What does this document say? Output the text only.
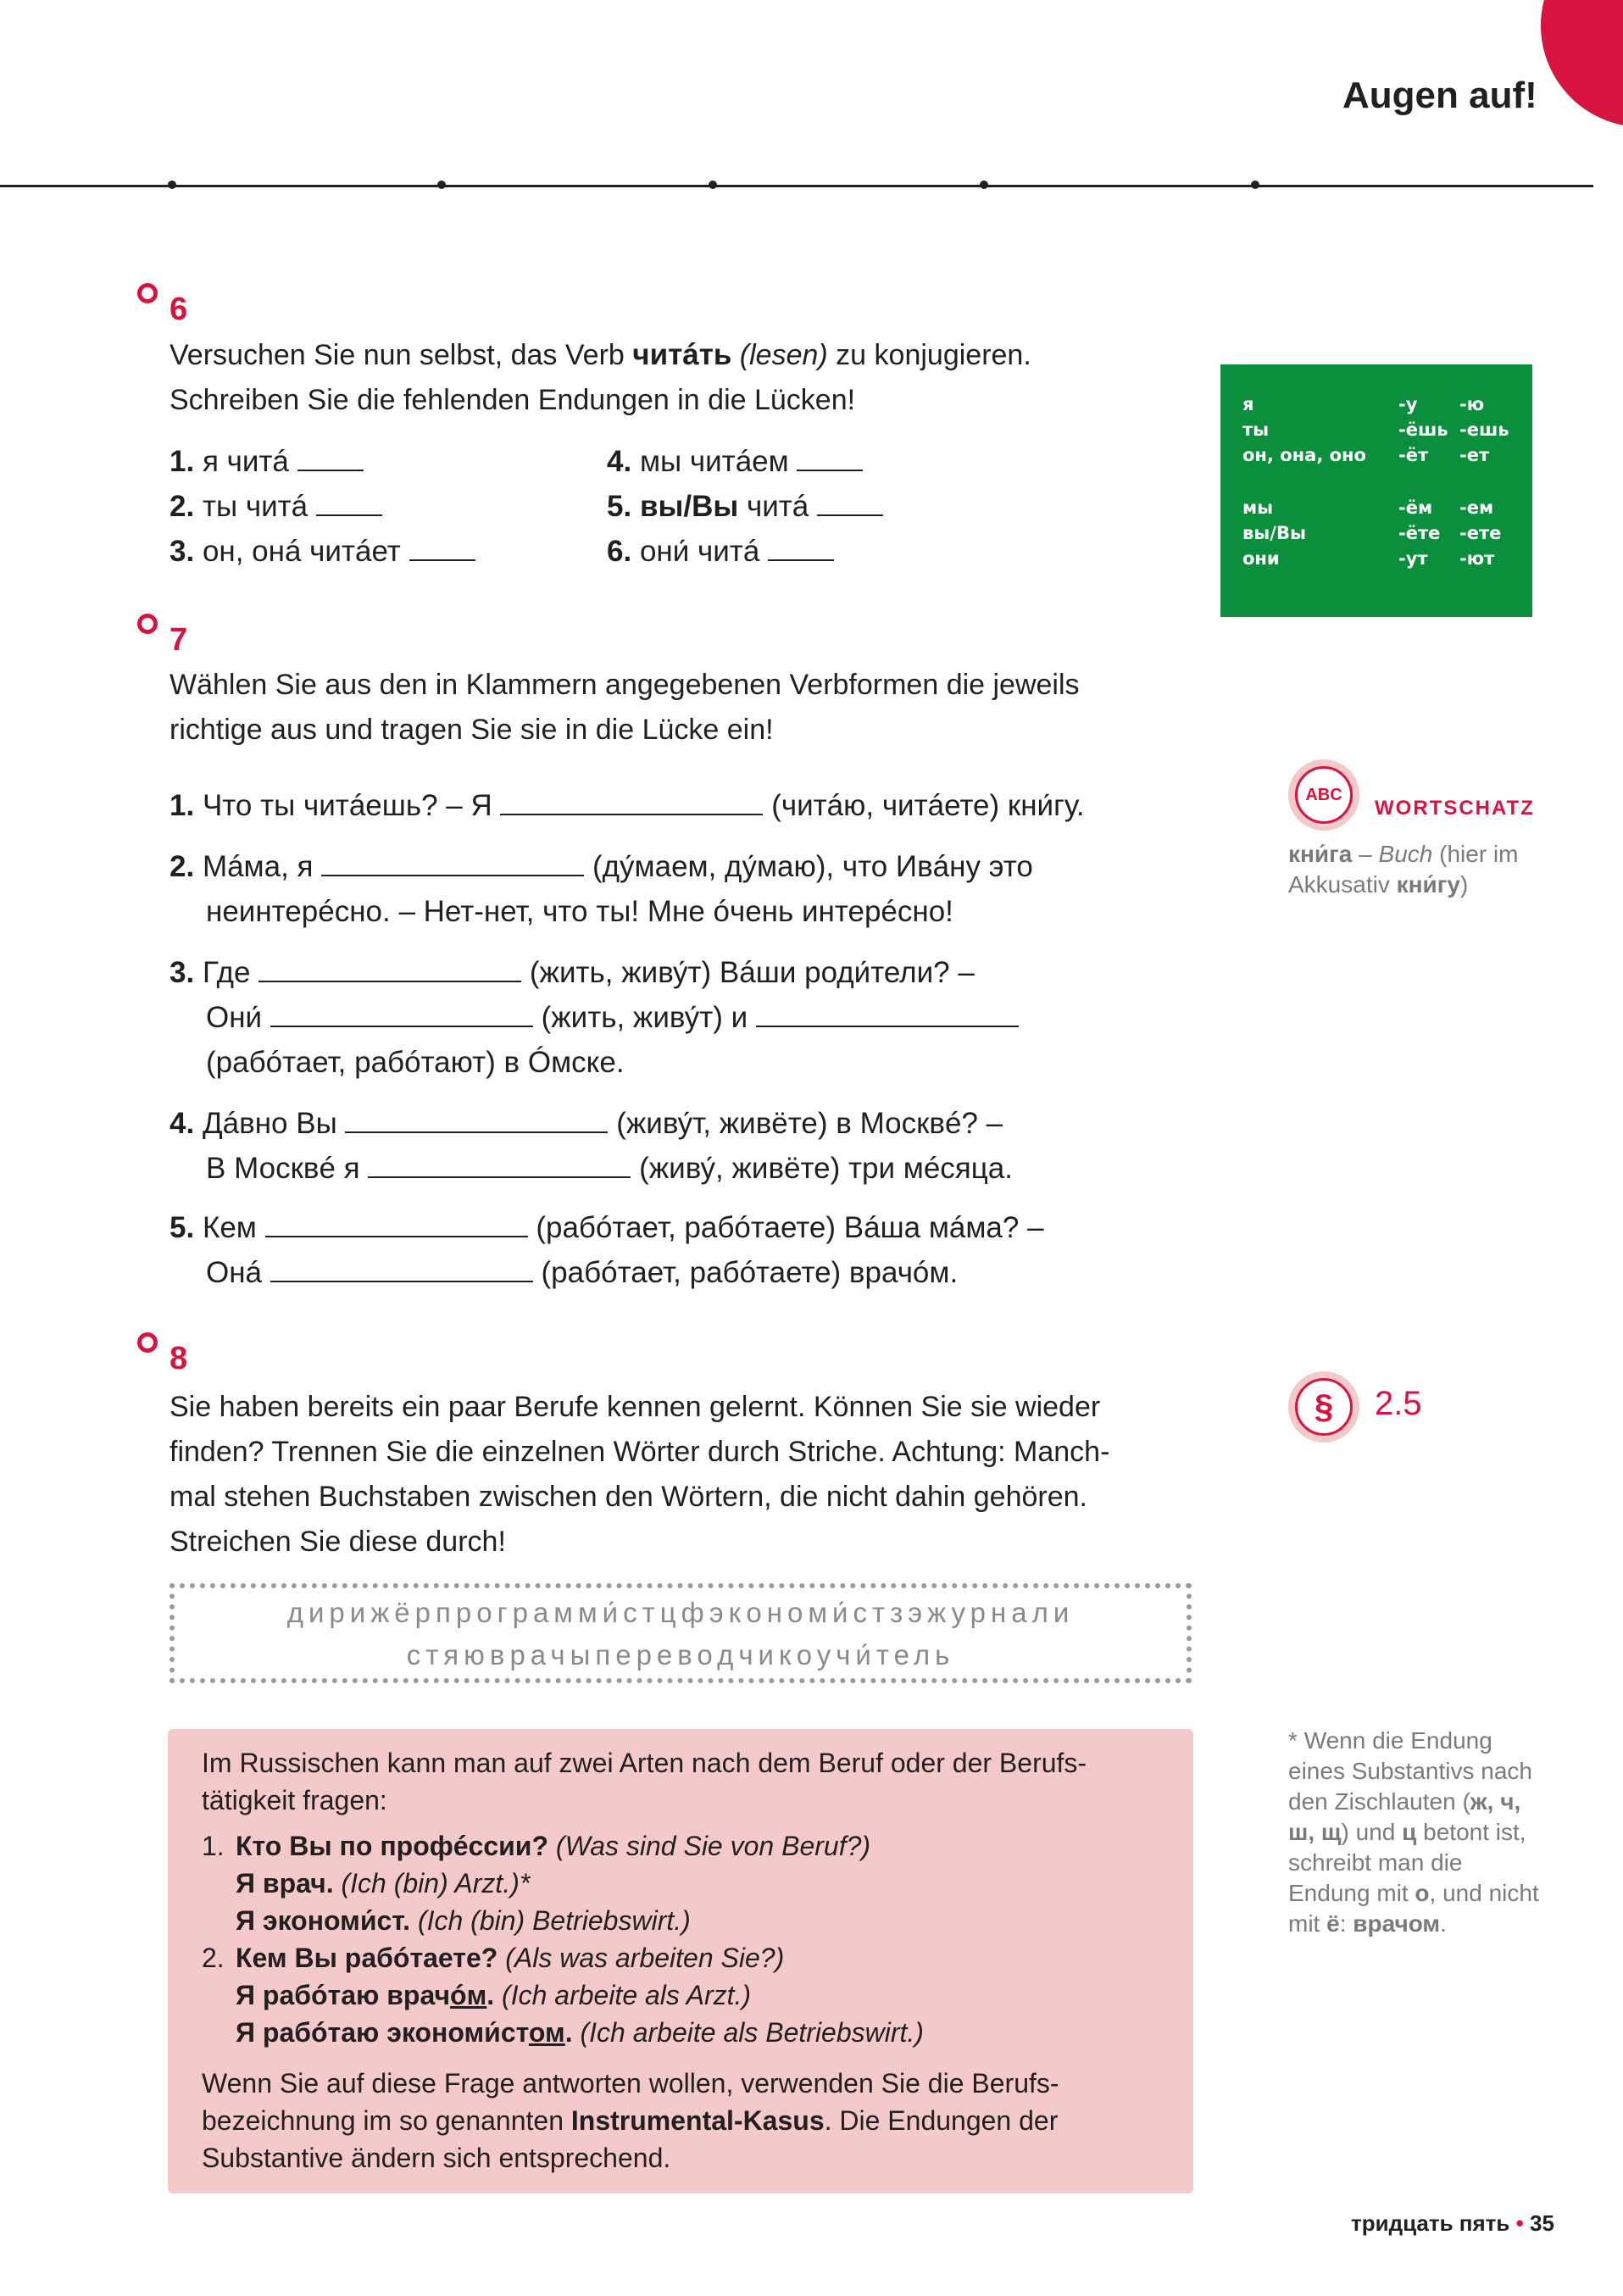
Augen auf!
6
Versuchen Sie nun selbst, das Verb читáть (lesen) zu konjugieren.
Schreiben Sie die fehlenden Endungen in die Lücken!
1. я читá
2. ты читá
3. он, онá читáет
4. мы читáем
5. вы/Вы читá
6. они́ читá
я	-у -ю
ты	-ёшь -ешь
он, она, оно -ёт -ет
мы	-ём -ем
вы/Вы	-ёте -ете
они	-ут -ют
7
Wählen Sie aus den in Klammern angegebenen Verbformen die jeweils
richtige aus und tragen Sie sie in die Lücke ein!
1. Что ты читáешь? – Я	(читáю, читáете) кни́гу.
2. Мáма, я	(ду́маем, ду́маю), что Ивáну это
неинтерéсно. – Нет-нет, что ты! Мне óчень интерéсно!
3. Где	(жить, живу́т) Вáши роди́тели? –
Они́	(жить, живу́т) и
(рабóтает, рабóтают) в Óмске.
4. Дáвно Вы	(живу́т, живёте) в Москвé? –
В Москвé я	(живу́, живёте) три мéсяца.
5. Кем	(рабóтает, рабóтаете) Вáша мáма? –
Онá	(рабóтает, рабóтаете) врачóм.
ABC
WORTSCHATZ
кни́га – Buch (hier im Akkusativ кни́гу)
8
Sie haben bereits ein paar Berufe kennen gelernt. Können Sie sie wieder
finden? Trennen Sie die einzelnen Wörter durch Striche. Achtung: Manch-
mal stehen Buchstaben zwischen den Wörtern, die nicht dahin gehören.
Streichen Sie diese durch!
§	2.5
дирижёрпрограмми́стцфэкономи́стзэжурнали
стяюврачыпереводчикоучи́тель
Im Russischen kann man auf zwei Arten nach dem Beruf oder der Berufs-
tätigkeit fragen:
1. Кто Вы по профéссии? (Was sind Sie von Beruf?)
Я врач. (Ich (bin) Arzt.)*
Я экономи́ст. (Ich (bin) Betriebswirt.)
2. Кем Вы рабóтаете? (Als was arbeiten Sie?)
Я рабóтаю врачóм. (Ich arbeite als Arzt.)
Я рабóтаю экономи́стом. (Ich arbeite als Betriebswirt.)
Wenn Sie auf diese Frage antworten wollen, verwenden Sie die Berufs-
bezeichnung im so genannten Instrumental-Kasus. Die Endungen der
Substantive ändern sich entsprechend.
* Wenn die Endung eines Substantivs nach den Zischlauten (ж, ч, ш, щ) und ц betont ist, schreibt man die Endung mit о, und nicht mit ё: врачом.
тридцать пять • 35
